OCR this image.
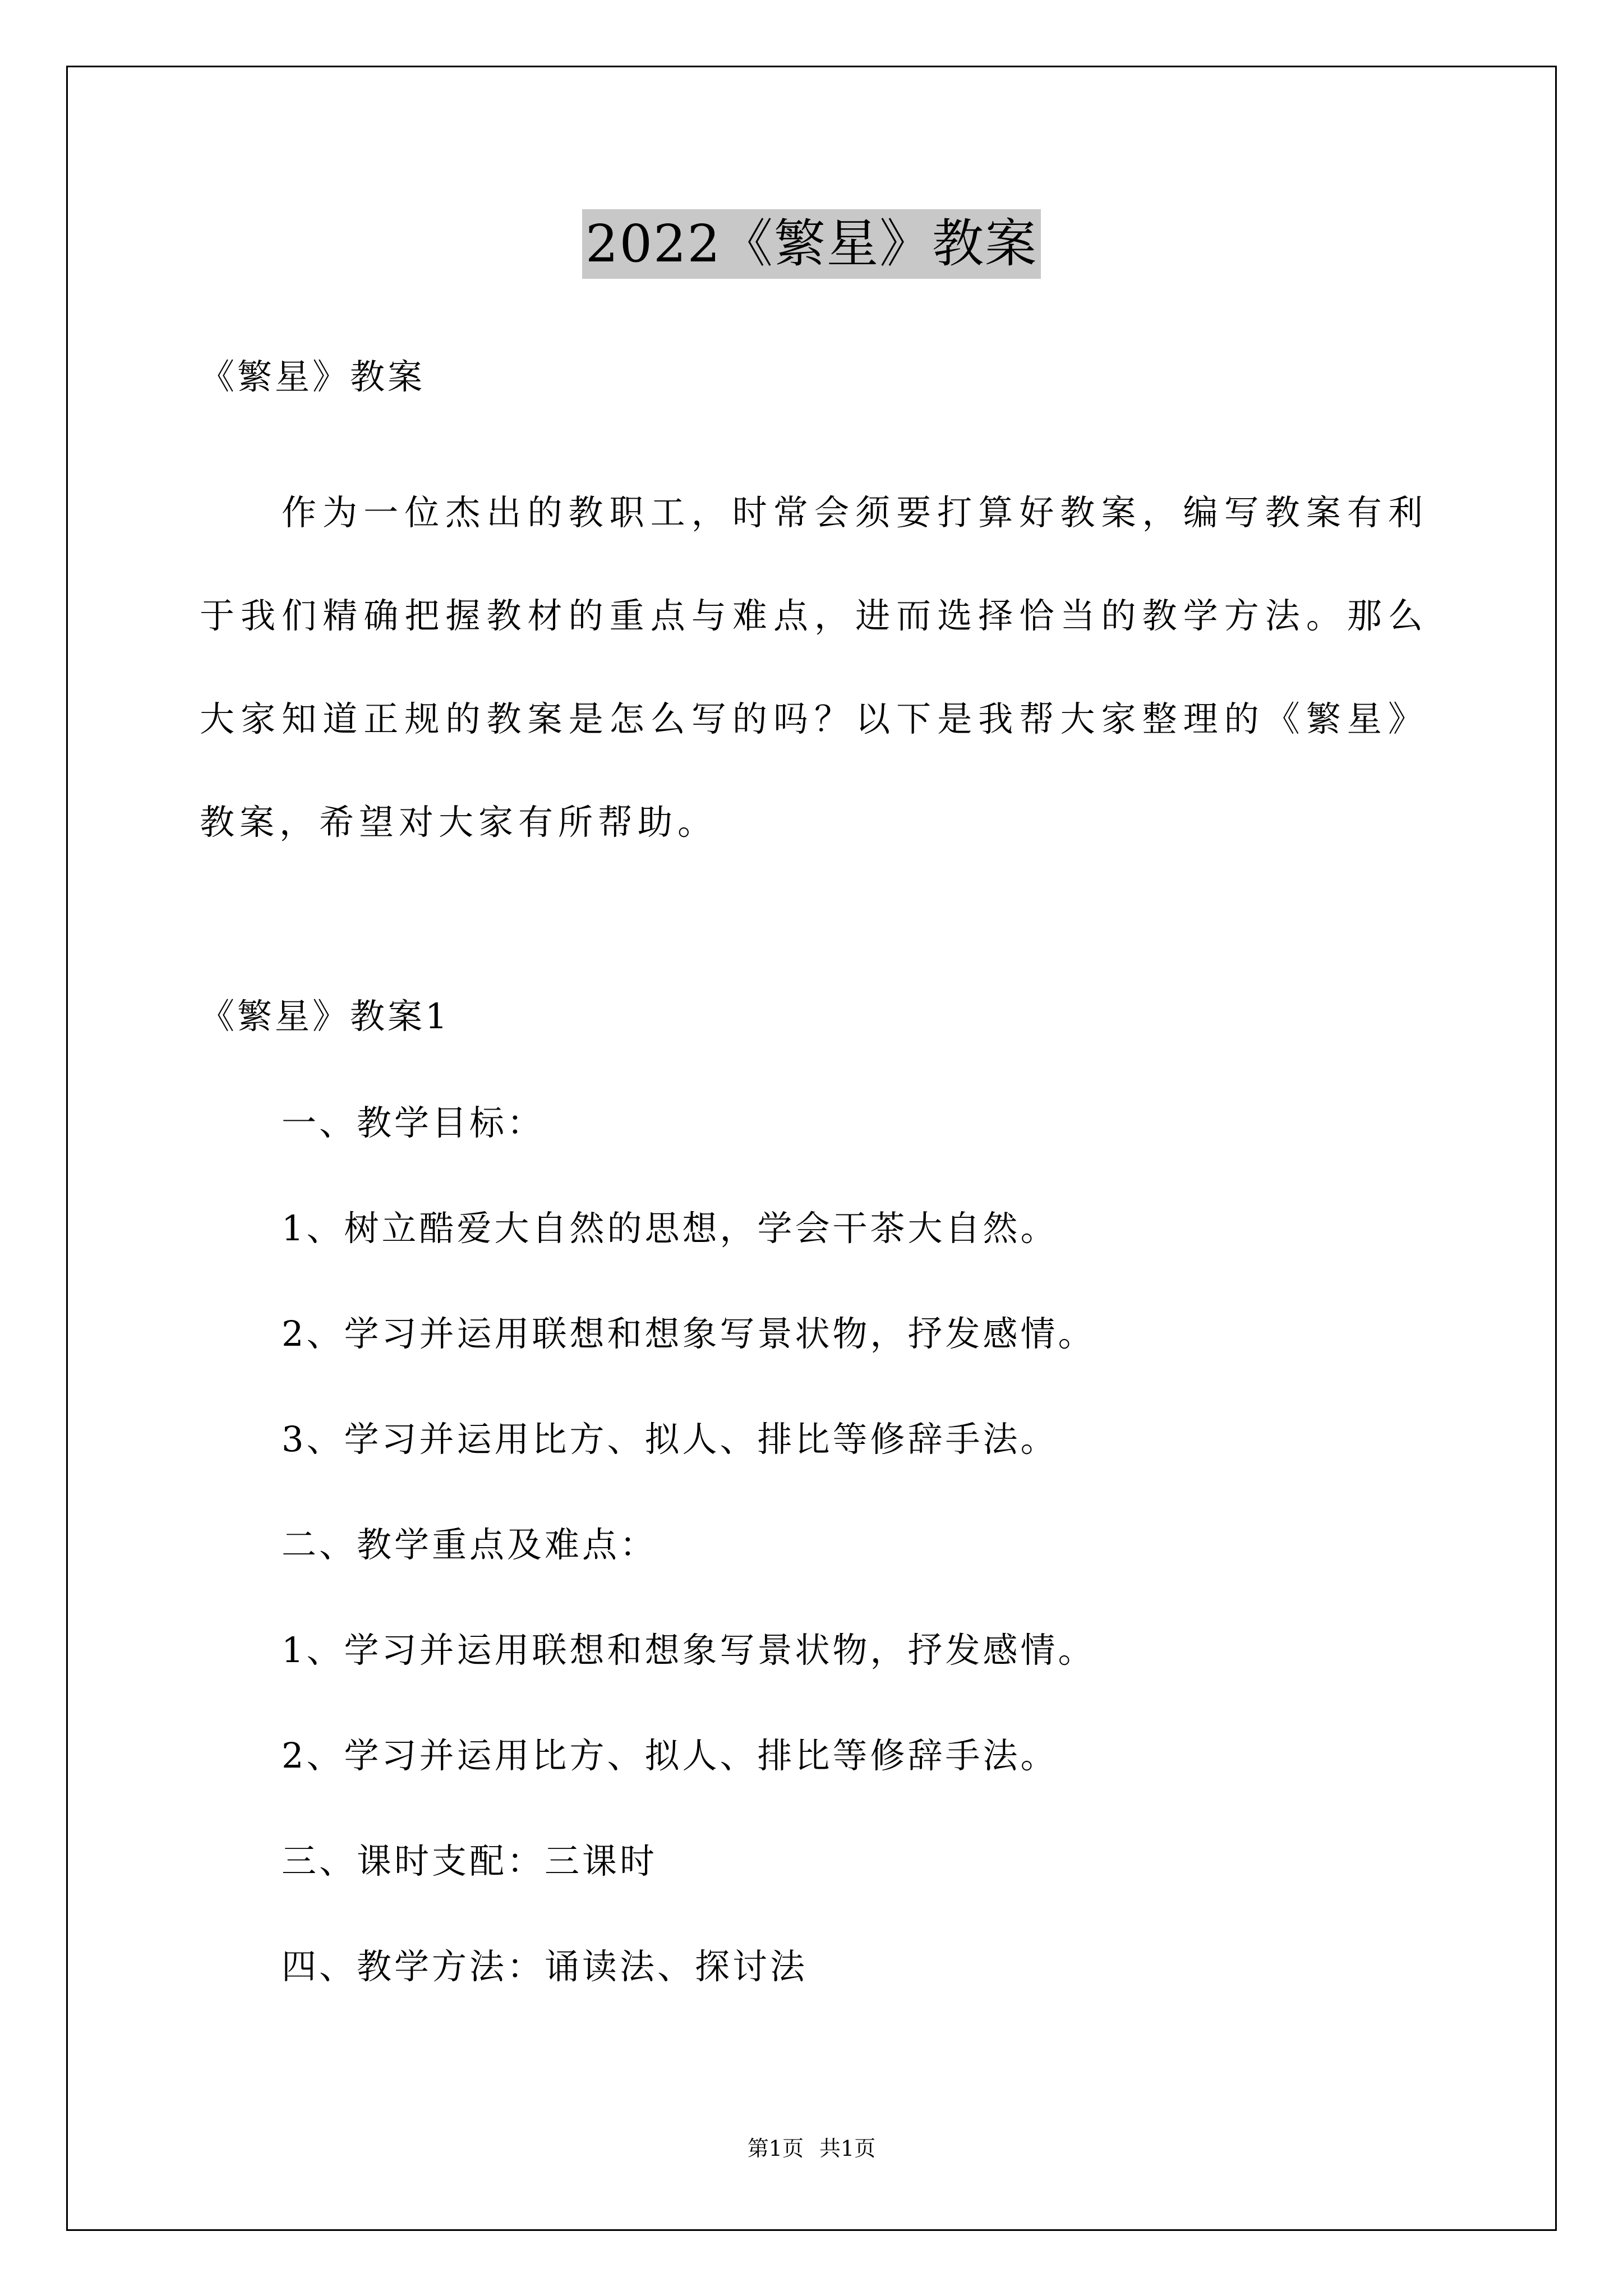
2022《繁星》教案
《繁星》教案
作为一位杰出的教职工，时常会须要打算好教案，编写教案有利于我们精确把握教材的重点与难点，进而选择恰当的教学方法。那么大家知道正规的教案是怎么写的吗？以下是我帮大家整理的《繁星》教案，希望对大家有所帮助。
《繁星》教案1
一、教学目标：
1、树立酷爱大自然的思想，学会干茶大自然。
2、学习并运用联想和想象写景状物，抒发感情。
3、学习并运用比方、拟人、排比等修辞手法。
二、教学重点及难点：
1、学习并运用联想和想象写景状物，抒发感情。
2、学习并运用比方、拟人、排比等修辞手法。
三、课时支配：三课时
四、教学方法：诵读法、探讨法
第1页 共1页
